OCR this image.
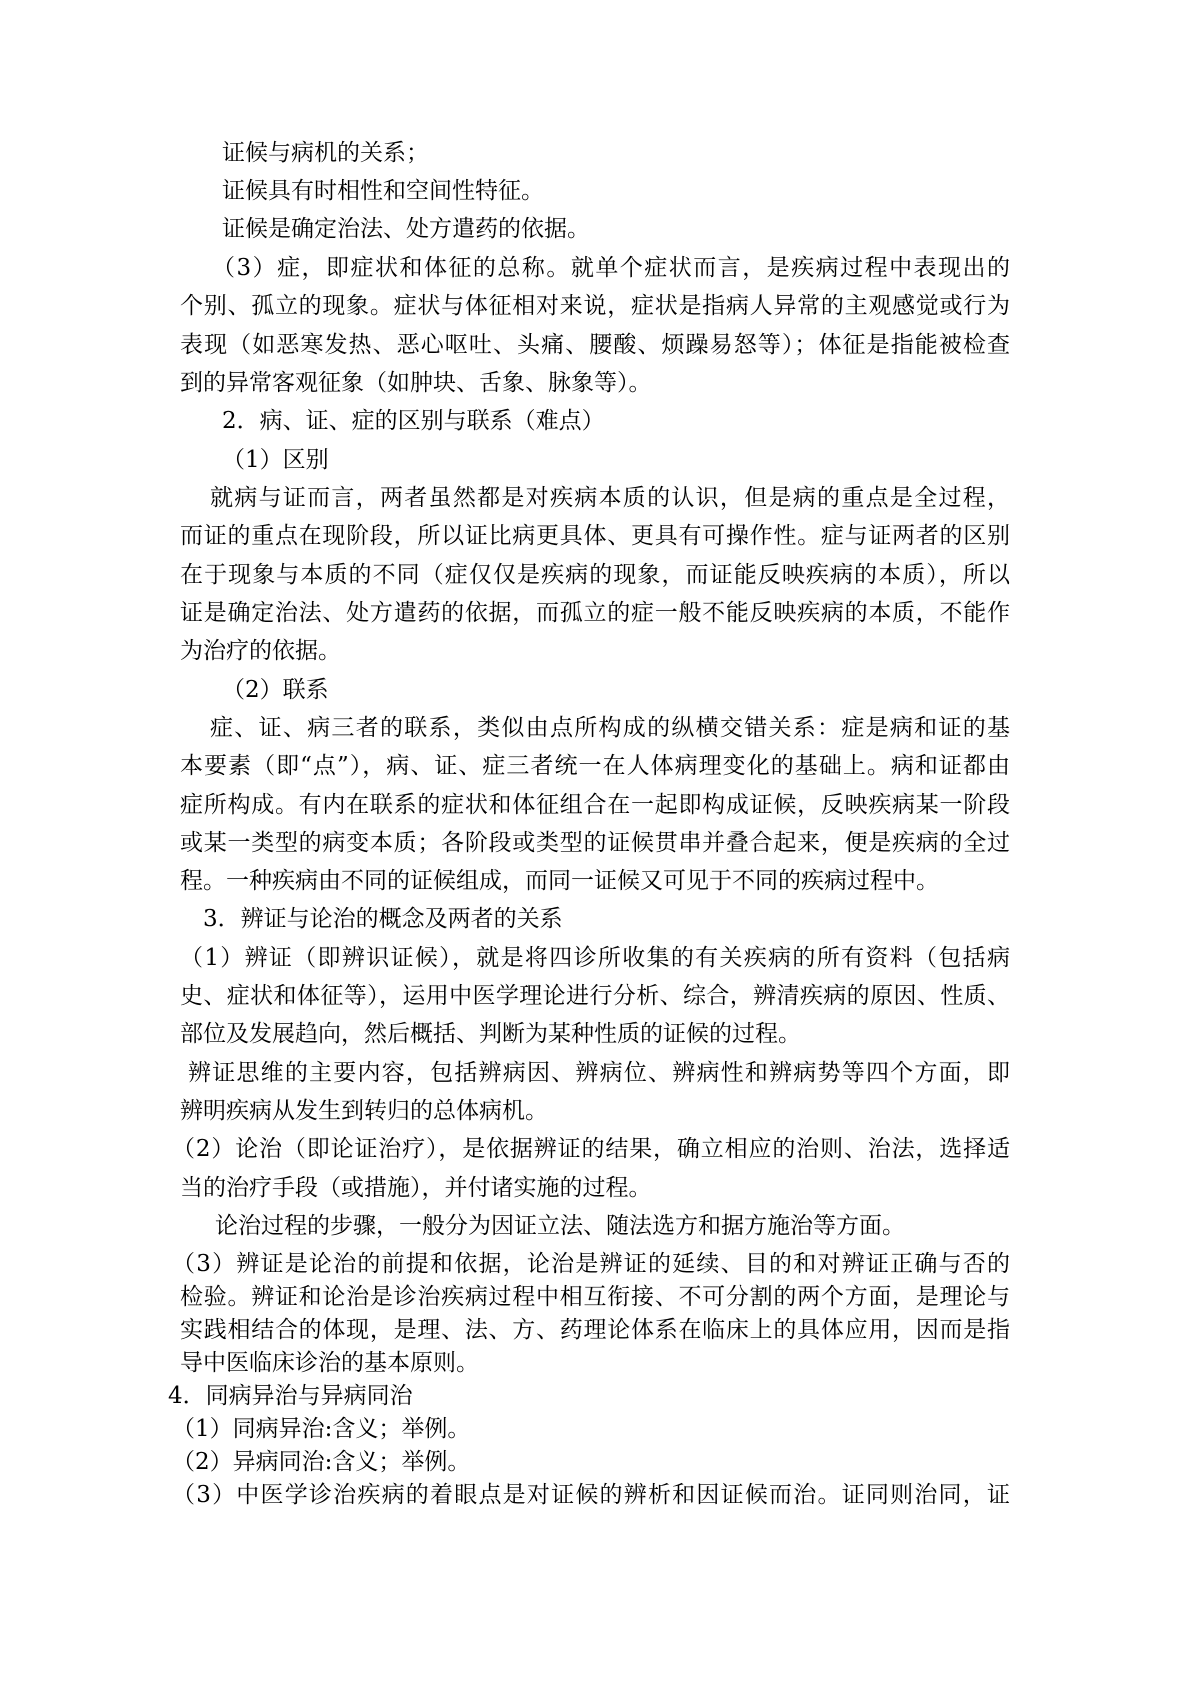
证候与病机的关系；
证候具有时相性和空间性特征。
证候是确定治法、处方遣药的依据。
（3）症，即症状和体征的总称。就单个症状而言，是疾病过程中表现出的
个别、孤立的现象。症状与体征相对来说，症状是指病人异常的主观感觉或行为
表现（如恶寒发热、恶心呕吐、头痛、腰酸、烦躁易怒等）；体征是指能被检查
到的异常客观征象（如肿块、舌象、脉象等）。
2．病、证、症的区别与联系（难点）
（1）区别
就病与证而言，两者虽然都是对疾病本质的认识，但是病的重点是全过程，
而证的重点在现阶段，所以证比病更具体、更具有可操作性。症与证两者的区别
在于现象与本质的不同（症仅仅是疾病的现象，而证能反映疾病的本质），所以
证是确定治法、处方遣药的依据，而孤立的症一般不能反映疾病的本质，不能作
为治疗的依据。
（2）联系
症、证、病三者的联系，类似由点所构成的纵横交错关系：症是病和证的基
本要素（即“点”），病、证、症三者统一在人体病理变化的基础上。病和证都由
症所构成。有内在联系的症状和体征组合在一起即构成证候，反映疾病某一阶段
或某一类型的病变本质；各阶段或类型的证候贯串并叠合起来，便是疾病的全过
程。一种疾病由不同的证候组成，而同一证候又可见于不同的疾病过程中。
3．辨证与论治的概念及两者的关系
（1）辨证（即辨识证候），就是将四诊所收集的有关疾病的所有资料（包括病
史、症状和体征等），运用中医学理论进行分析、综合，辨清疾病的原因、性质、
部位及发展趋向，然后概括、判断为某种性质的证候的过程。
辨证思维的主要内容，包括辨病因、辨病位、辨病性和辨病势等四个方面，即
辨明疾病从发生到转归的总体病机。
（2）论治（即论证治疗），是依据辨证的结果，确立相应的治则、治法，选择适
当的治疗手段（或措施），并付诸实施的过程。
论治过程的步骤，一般分为因证立法、随法选方和据方施治等方面。
（3）辨证是论治的前提和依据，论治是辨证的延续、目的和对辨证正确与否的
检验。辨证和论治是诊治疾病过程中相互衔接、不可分割的两个方面，是理论与
实践相结合的体现，是理、法、方、药理论体系在临床上的具体应用，因而是指
导中医临床诊治的基本原则。
4．同病异治与异病同治
（1）同病异治:含义；举例。
（2）异病同治:含义；举例。
（3）中医学诊治疾病的着眼点是对证候的辨析和因证候而治。证同则治同，证
